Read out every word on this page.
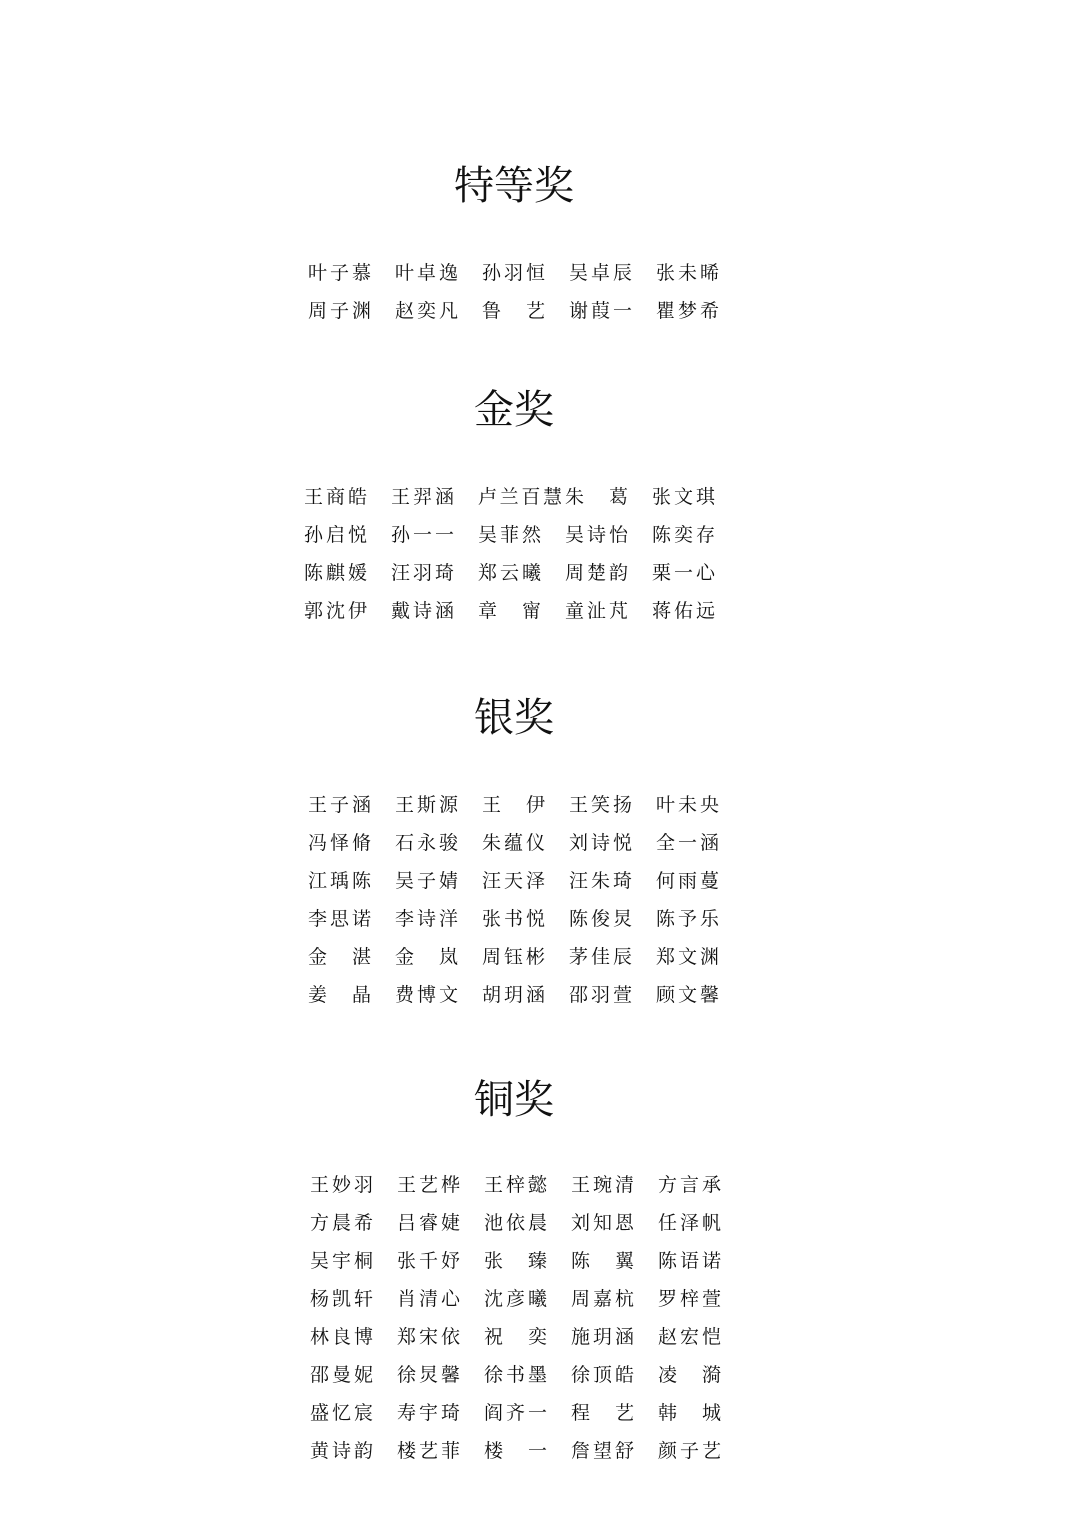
特等奖
叶 子 慕 叶 卓 逸 孙 羽 恒 吴 卓 辰 张 未 晞
周 子 渊 赵 奕 凡 鲁 艺 谢 葭 一 瞿 梦 希
金奖
王 商 皓 王 羿 涵 卢 兰 百 慧 朱 葛 张 文 琪
孙 启 悦 孙 一 一 吴 菲 然 吴 诗 怡 陈 奕 存
陈 麒 媛 汪 羽 琦 郑 云 曦 周 楚 韵 栗 一 心
郭 沈 伊 戴 诗 涵 章 甯 童 沚 芃 蒋 佑 远
银奖
王 子 涵 王 斯 源 王 伊 王 笑 扬 叶 未 央
冯 怿 脩 石 永 骏 朱 蕴 仪 刘 诗 悦 全 一 涵
江 瑀 陈 吴 子 婧 汪 天 泽 汪 朱 琦 何 雨 蔓
李 思 诺 李 诗 洋 张 书 悦 陈 俊 炅 陈 予 乐
金 湛 金 岚 周 钰 彬 茅 佳 辰 郑 文 渊
姜 晶 费 博 文 胡 玥 涵 邵 羽 萱 顾 文 馨
铜奖
王 妙 羽 王 艺 桦 王 梓 懿 王 琬 清 方 言 承
方 晨 希 吕 睿 婕 池 依 晨 刘 知 恩 任 泽 帆
吴 宇 桐 张 千 妤 张 臻 陈 翼 陈 语 诺
杨 凯 轩 肖 清 心 沈 彦 曦 周 嘉 杭 罗 梓 萱
林 良 博 郑 宋 依 祝 奕 施 玥 涵 赵 宏 恺
邵 曼 妮 徐 炅 馨 徐 书 墨 徐 顶 皓 凌 漪
盛 忆 宸 寿 宇 琦 阎 齐 一 程 艺 韩 城
黄 诗 韵 楼 艺 菲 楼 一 詹 望 舒 颜 子 艺
